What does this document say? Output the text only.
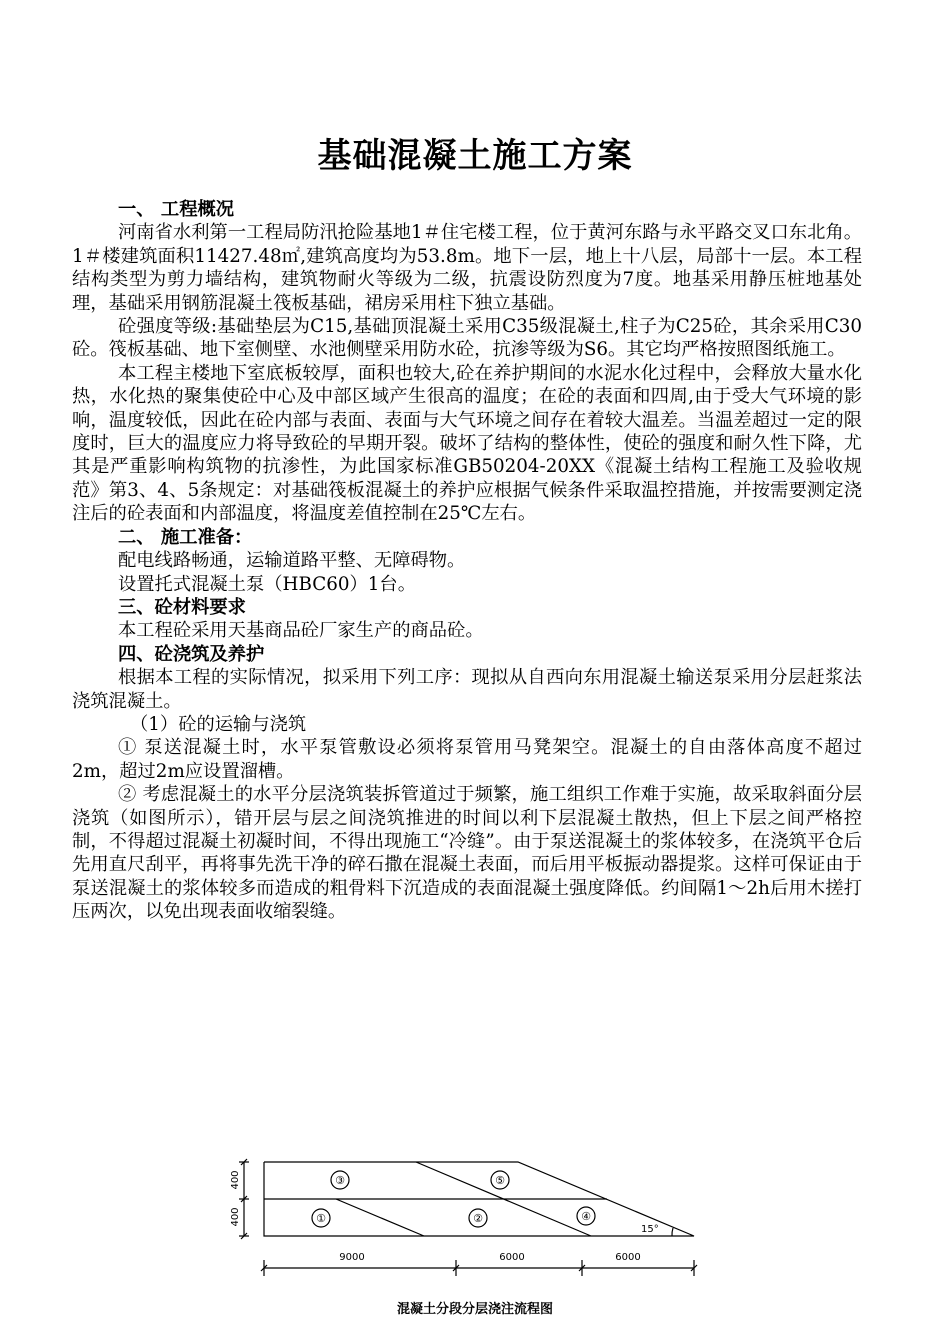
基础混凝土施工方案

一、 工程概况

河南省水利第一工程局防汛抢险基地1＃住宅楼工程，位于黄河东路与永平路交叉口东北角。1＃楼建筑面积11427.48㎡,建筑高度均为53.8m。地下一层，地上十八层，局部十一层。本工程结构类型为剪力墙结构，建筑物耐火等级为二级，抗震设防烈度为7度。地基采用静压桩地基处理，基础采用钢筋混凝土筏板基础，裙房采用柱下独立基础。

砼强度等级:基础垫层为C15,基础顶混凝土采用C35级混凝土,柱子为C25砼，其余采用C30砼。筏板基础、地下室侧壁、水池侧壁采用防水砼，抗渗等级为S6。其它均严格按照图纸施工。

本工程主楼地下室底板较厚，面积也较大,砼在养护期间的水泥水化过程中，会释放大量水化热，水化热的聚集使砼中心及中部区域产生很高的温度；在砼的表面和四周,由于受大气环境的影响，温度较低，因此在砼内部与表面、表面与大气环境之间存在着较大温差。当温差超过一定的限度时，巨大的温度应力将导致砼的早期开裂。破坏了结构的整体性，使砼的强度和耐久性下降，尤其是严重影响构筑物的抗渗性，为此国家标准GB50204-20XX《混凝土结构工程施工及验收规范》第3、4、5条规定：对基础筏板混凝土的养护应根据气候条件采取温控措施，并按需要测定浇注后的砼表面和内部温度，将温度差值控制在25℃左右。

二、 施工准备：

配电线路畅通，运输道路平整、无障碍物。

设置托式混凝土泵（HBC60）1台。

三、砼材料要求

本工程砼采用天基商品砼厂家生产的商品砼。

四、砼浇筑及养护

根据本工程的实际情况，拟采用下列工序：现拟从自西向东用混凝土输送泵采用分层赶浆法浇筑混凝土。

（1）砼的运输与浇筑

① 泵送混凝土时，水平泵管敷设必须将泵管用马凳架空。混凝土的自由落体高度不超过2m，超过2m应设置溜槽。

② 考虑混凝土的水平分层浇筑装拆管道过于频繁，施工组织工作难于实施，故采取斜面分层浇筑（如图所示），错开层与层之间浇筑推进的时间以利下层混凝土散热，但上下层之间严格控制，不得超过混凝土初凝时间，不得出现施工“冷缝”。由于泵送混凝土的浆体较多，在浇筑平仓后先用直尺刮平，再将事先洗干净的碎石撒在混凝土表面，而后用平板振动器提浆。这样可保证由于泵送混凝土的浆体较多而造成的粗骨料下沉造成的表面混凝土强度降低。约间隔1～2h后用木搓打压两次，以免出现表面收缩裂缝。

③	⑤
①	②	④
15°
400
400
9000	6000	6000
混凝土分段分层浇注流程图
